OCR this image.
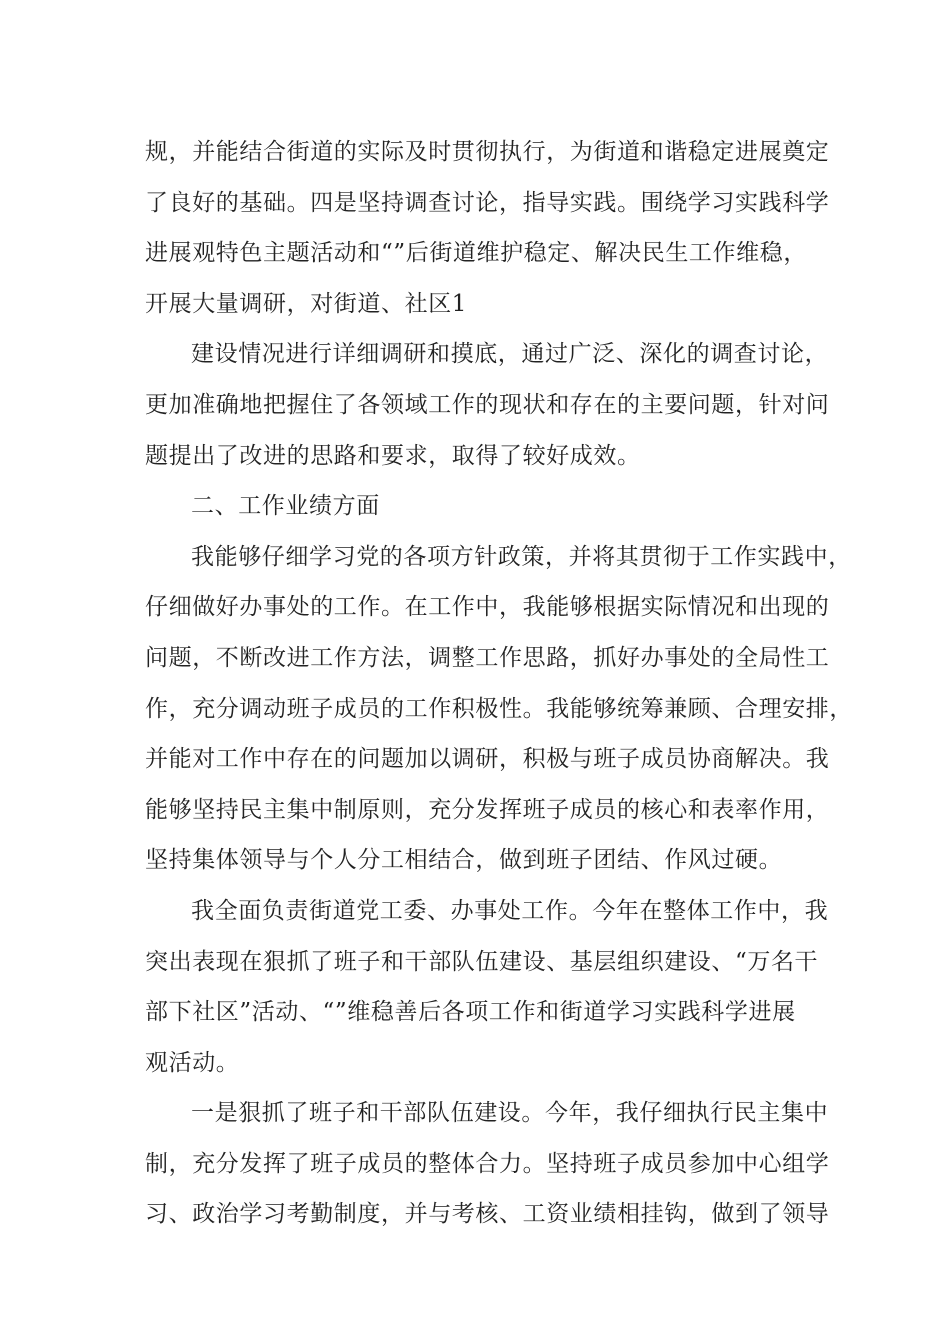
规，并能结合街道的实际及时贯彻执行，为街道和谐稳定进展奠定
了良好的基础。四是坚持调查讨论，指导实践。围绕学习实践科学
进展观特色主题活动和“”后街道维护稳定、解决民生工作维稳，
开展大量调研，对街道、社区1
建设情况进行详细调研和摸底，通过广泛、深化的调查讨论，
更加准确地把握住了各领域工作的现状和存在的主要问题，针对问
题提出了改进的思路和要求，取得了较好成效。
二、工作业绩方面
我能够仔细学习党的各项方针政策，并将其贯彻于工作实践中，
仔细做好办事处的工作。在工作中，我能够根据实际情况和出现的
问题，不断改进工作方法，调整工作思路，抓好办事处的全局性工
作，充分调动班子成员的工作积极性。我能够统筹兼顾、合理安排，
并能对工作中存在的问题加以调研，积极与班子成员协商解决。我
能够坚持民主集中制原则，充分发挥班子成员的核心和表率作用，
坚持集体领导与个人分工相结合，做到班子团结、作风过硬。
我全面负责街道党工委、办事处工作。今年在整体工作中，我
突出表现在狠抓了班子和干部队伍建设、基层组织建设、“万名干
部下社区”活动、“”维稳善后各项工作和街道学习实践科学进展
观活动。
一是狠抓了班子和干部队伍建设。今年，我仔细执行民主集中
制，充分发挥了班子成员的整体合力。坚持班子成员参加中心组学
习、政治学习考勤制度，并与考核、工资业绩相挂钩，做到了领导
